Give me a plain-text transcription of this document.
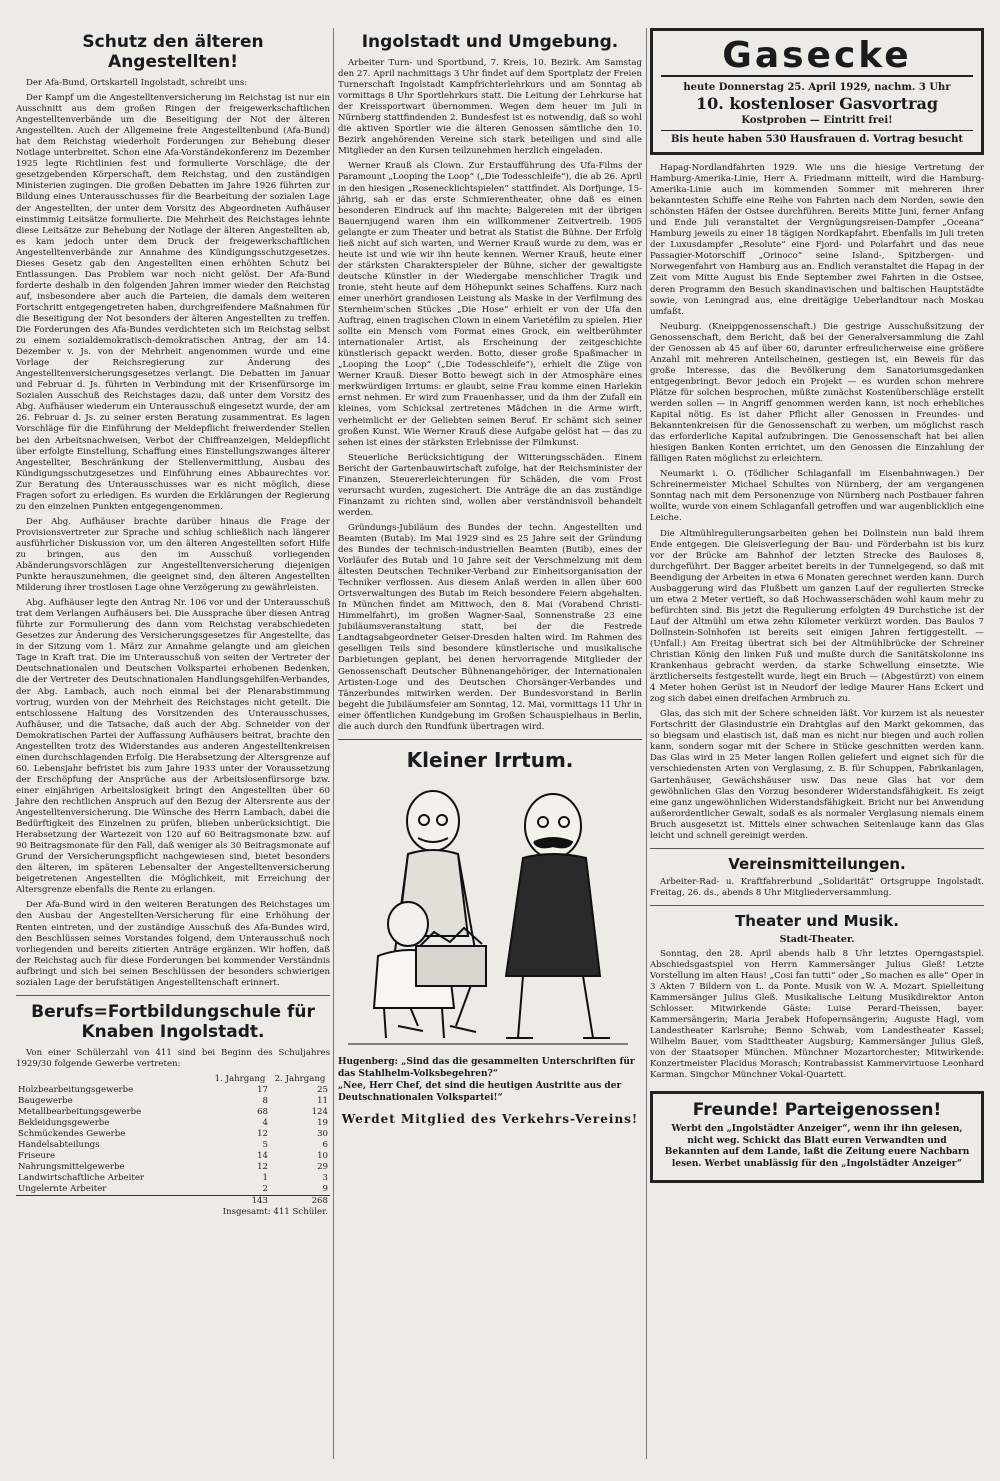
Schutz den älteren Angestellten!

Der Afa-Bund, Ortskartell Ingolstadt, schreibt uns:

Der Kampf um die Angestelltenversicherung im Reichstag ist nur ein Ausschnitt aus dem großen Ringen der freigewerkschaftlichen Angestelltenverbände um die Beseitigung der Not der älteren Angestellten. Auch der Allgemeine freie Angestelltenbund (Afa-Bund) hat dem Reichstag wiederholt Forderungen zur Behebung dieser Notlage unterbreitet. Schon eine Afa-Vorständekonferenz im Dezember 1925 legte Richtlinien fest und formulierte Vorschläge, die der gesetzgebenden Körperschaft, dem Reichstag, und den zuständigen Ministerien zugingen. Die großen Debatten im Jahre 1926 führten zur Bildung eines Unterausschusses für die Bearbeitung der sozialen Lage der Angestellten, der unter dem Vorsitz des Abgeordneten Aufhäuser einstimmig Leitsätze formulierte. Die Mehrheit des Reichstages lehnte diese Leitsätze zur Behebung der Notlage der älteren Angestellten ab, es kam jedoch unter dem Druck der freigewerkschaftlichen Angestelltenverbände zur Annahme des Kündigungsschutzgesetzes. Dieses Gesetz gab den Angestellten einen erhöhten Schutz bei Entlassungen. Das Problem war noch nicht gelöst. Der Afa-Bund forderte deshalb in den folgenden Jahren immer wieder den Reichstag auf, insbesondere aber auch die Parteien, die damals dem weiteren Fortschritt entgegengetreten haben, durchgreifendere Maßnahmen für die Beseitigung der Not besonders der älteren Angestellten zu treffen. Die Forderungen des Afa-Bundes verdichteten sich im Reichstag selbst zu einem sozialdemokratisch-demokratischen Antrag, der am 14. Dezember v. Js. von der Mehrheit angenommen wurde und eine Vorlage der Reichsregierung zur Änderung des Angestelltenversicherungsgesetzes verlangt. Die Debatten im Januar und Februar d. Js. führten in Verbindung mit der Krisenfürsorge im Sozialen Ausschuß des Reichstages dazu, daß unter dem Vorsitz des Abg. Aufhäuser wiederum ein Unterausschuß eingesetzt wurde, der am 26. Februar d. Js. zu seiner ersten Beratung zusammentrat. Es lagen Vorschläge für die Einführung der Meldepflicht freiwerdender Stellen bei den Arbeitsnachweisen, Verbot der Chiffreanzeigen, Meldepflicht über erfolgte Einstellung, Schaffung eines Einstellungszwanges älterer Angestellter, Beschränkung der Stellenvermittlung, Ausbau des Kündigungsschutzgesetzes und Einführung eines Abbaurechtes vor. Zur Beratung des Unterausschusses war es nicht möglich, diese Fragen sofort zu erledigen. Es wurden die Erklärungen der Regierung zu den einzelnen Punkten entgegengenommen.

Der Abg. Aufhäuser brachte darüber hinaus die Frage der Provisionsvertreter zur Sprache und schlug schließlich nach längerer ausführlicher Diskussion vor, um den älteren Angestellten sofort Hilfe zu bringen, aus den im Ausschuß vorliegenden Abänderungsvorschlägen zur Angestelltenversicherung diejenigen Punkte herauszunehmen, die geeignet sind, den älteren Angestellten Milderung ihrer trostlosen Lage ohne Verzögerung zu gewährleisten.

Abg. Aufhäuser legte den Antrag Nr. 106 vor und der Unterausschuß trat dem Verlangen Aufhäusers bei. Die Aussprache über diesen Antrag führte zur Formulierung des dann vom Reichstag verabschiedeten Gesetzes zur Änderung des Versicherungsgesetzes für Angestellte, das in der Sitzung vom 1. März zur Annahme gelangte und am gleichen Tage in Kraft trat. Die im Unterausschuß von seiten der Vertreter der Deutschnationalen und Deutschen Volkspartei erhobenen Bedenken, die der Vertreter des Deutschnationalen Handlungsgehilfen-Verbandes, der Abg. Lambach, auch noch einmal bei der Plenarabstimmung vortrug, wurden von der Mehrheit des Reichstages nicht geteilt. Die entschlossene Haltung des Vorsitzenden des Unterausschusses, Aufhäuser, und die Tatsache, daß auch der Abg. Schneider von der Demokratischen Partei der Auffassung Aufhäusers beitrat, brachte den Angestellten trotz des Widerstandes aus anderen Angestelltenkreisen einen durchschlagenden Erfolg. Die Herabsetzung der Altersgrenze auf 60. Lebensjahr befristet bis zum Jahre 1933 unter der Voraussetzung der Erschöpfung der Ansprüche aus der Arbeitslosenfürsorge bzw. einer einjährigen Arbeitslosigkeit bringt den Angestellten über 60 Jahre den rechtlichen Anspruch auf den Bezug der Altersrente aus der Angestelltenversicherung. Die Wünsche des Herrn Lambach, dabei die Bedürftigkeit des Einzelnen zu prüfen, blieben unberücksichtigt. Die Herabsetzung der Wartezeit von 120 auf 60 Beitragsmonate bzw. auf 90 Beitragsmonate für den Fall, daß weniger als 30 Beitragsmonate auf Grund der Versicherungspflicht nachgewiesen sind, bietet besonders den älteren, im späteren Lebensalter der Angestelltenversicherung beigetretenen Angestellten die Möglichkeit, mit Erreichung der Altersgrenze ebenfalls die Rente zu erlangen.

Der Afa-Bund wird in den weiteren Beratungen des Reichstages um den Ausbau der Angestellten-Versicherung für eine Erhöhung der Renten eintreten, und der zuständige Ausschuß des Afa-Bundes wird, den Beschlüssen seines Vorstandes folgend, dem Unterausschuß noch vorliegenden und bereits zitierten Anträge ergänzen. Wir hoffen, daß der Reichstag auch für diese Forderungen bei kommender Verständnis aufbringt und sich bei seinen Beschlüssen der besonders schwierigen sozialen Lage der berufstätigen Angestelltenschaft erinnert.

Berufs=Fortbildungschule für Knaben Ingolstadt.

Von einer Schülerzahl von 411 sind bei Beginn des Schuljahres 1929/30 folgende Gewerbe vertreten:

	1. Jahrgang	2. Jahrgang
Holzbearbeitungsgewerbe	17	25
Baugewerbe	8	11
Metallbearbeitungsgewerbe	68	124
Bekleidungsgewerbe	4	19
Schmückendes Gewerbe	12	30
Handelsabteilungs	5	6
Friseure	14	10
Nahrungsmittelgewerbe	12	29
Landwirtschaftliche Arbeiter	1	3
Ungelernte Arbeiter	2	9
	143	268
Insgesamt: 411 Schüler.		
Ingolstadt und Umgebung.

Arbeiter Turn- und Sportbund, 7. Kreis, 10. Bezirk. Am Samstag den 27. April nachmittags 3 Uhr findet auf dem Sportplatz der Freien Turnerschaft Ingolstadt Kampfrichterlehrkurs und am Sonntag ab vormittags 8 Uhr Sportlehrkurs statt. Die Leitung der Lehrkurse hat der Kreissportwart übernommen. Wegen dem heuer im Juli in Nürnberg stattfindenden 2. Bundesfest ist es notwendig, daß so wohl die aktiven Sportler wie die älteren Genossen sämtliche den 10. Bezirk angehörenden Vereine sich stark beteiligen und sind alle Mitglieder an den Kursen teilzunehmen herzlich eingeladen.

Werner Krauß als Clown. Zur Erstaufführung des Ufa-Films der Paramount „Looping the Loop“ („Die Todesschleife“), die ab 26. April in den hiesigen „Rosenecklichtspielen“ stattfindet. Als Dorfjunge, 15-jährig, sah er das erste Schmierentheater, ohne daß es einen besonderen Eindruck auf ihn machte; Balgereien mit der übrigen Bauernjugend waren ihm ein willkommener Zeitvertreib. 1905 gelangte er zum Theater und betrat als Statist die Bühne. Der Erfolg ließ nicht auf sich warten, und Werner Krauß wurde zu dem, was er heute ist und wie wir ihn heute kennen. Werner Krauß, heute einer der stärksten Charakterspieler der Bühne, sicher der gewaltigste deutsche Künstler in der Wiedergabe menschlicher Tragik und Ironie, steht heute auf dem Höhepunkt seines Schaffens. Kurz nach einer unerhört grandiosen Leistung als Maske in der Verfilmung des Sternheim'schen Stückes „Die Hose“ erhielt er von der Ufa den Auftrag, einen tragischen Clown in einem Varietéfilm zu spielen. Hier sollte ein Mensch vom Format eines Grock, ein weltberühmter internationaler Artist, als Erscheinung der zeitgeschichte künstlerisch gepackt werden. Botto, dieser große Spaßmacher in „Looping the Loop“ („Die Todesschleife“), erhielt die Züge von Werner Krauß. Dieser Botto bewegt sich in der Atmosphäre eines merkwürdigen Irrtums: er glaubt, seine Frau komme einen Harlekin ernst nehmen. Er wird zum Frauenhasser, und da ihm der Zufall ein kleines, vom Schicksal zertretenes Mädchen in die Arme wirft, verheimlicht er der Geliebten seinen Beruf. Er schämt sich seiner großen Kunst. Wie Werner Krauß diese Aufgabe gelöst hat — das zu sehen ist eines der stärksten Erlebnisse der Filmkunst.

Steuerliche Berücksichtigung der Witterungsschäden. Einem Bericht der Gartenbauwirtschaft zufolge, hat der Reichsminister der Finanzen, Steuererleichterungen für Schäden, die vom Frost verursacht wurden, zugesichert. Die Anträge die an das zuständige Finanzamt zu richten sind, wollen aber verständnisvoll behandelt werden.

Gründungs-Jubiläum des Bundes der techn. Angestellten und Beamten (Butab). Im Mai 1929 sind es 25 Jahre seit der Gründung des Bundes der technisch-industriellen Beamten (Butib), eines der Vorläufer des Butab und 10 Jahre seit der Verschmelzung mit dem ältesten Deutschen Techniker-Verband zur Einheitsorganisation der Techniker verflossen. Aus diesem Anlaß werden in allen über 600 Ortsverwaltungen des Butab im Reich besondere Feiern abgehalten. In München findet am Mittwoch, den 8. Mai (Vorabend Christi-Himmelfahrt), im großen Wagner-Saal, Sonnenstraße 23 eine Jubiläumsveranstaltung statt, bei der die Festrede Landtagsabgeordneter Geiser-Dresden halten wird. Im Rahmen des geselligen Teils sind besondere künstlerische und musikalische Darbietungen geplant, bei denen hervorragende Mitglieder der Genossenschaft Deutscher Bühnenangehöriger, der Internationalen Artisten-Loge und des Deutschen Chorsänger-Verbandes und Tänzerbundes mitwirken werden. Der Bundesvorstand in Berlin begeht die Jubiläumsfeier am Sonntag, 12. Mai, vormittags 11 Uhr in einer öffentlichen Kundgebung im Großen Schauspielhaus in Berlin, die auch durch den Rundfunk übertragen wird.

Kleiner Irrtum.
Hugenberg: „Sind das die gesammelten Unterschriften für das Stahlhelm-Volksbegehren?“
„Nee, Herr Chef, det sind die heutigen Austritte aus der Deutschnationalen Volkspartei!“
Werdet Mitglied des Verkehrs-Vereins!
Gasecke
heute Donnerstag 25. April 1929, nachm. 3 Uhr
10. kostenloser Gasvortrag
Kostproben — Eintritt frei!
Bis heute haben 530 Hausfrauen d. Vortrag besucht

Hapag-Nordlandfahrten 1929. Wie uns die hiesige Vertretung der Hamburg-Amerika-Linie, Herr A. Friedmann mitteilt, wird die Hamburg-Amerika-Linie auch im kommenden Sommer mit mehreren ihrer bekanntesten Schiffe eine Reihe von Fahrten nach dem Norden, sowie den schönsten Häfen der Ostsee durchführen. Bereits Mitte Juni, ferner Anfang und Ende Juli veranstaltet der Vergnügungsreisen-Dampfer „Oceana“ Hamburg jeweils zu einer 18 tägigen Nordkapfahrt. Ebenfalls im Juli treten der Luxusdampfer „Resolute“ eine Fjord- und Polarfahrt und das neue Passagier-Motorschiff „Orinoco“ seine Island-, Spitzbergen- und Norwegenfahrt von Hamburg aus an. Endlich veranstaltet die Hapag in der Zeit vom Mitte August bis Ende September zwei Fahrten in die Ostsee, deren Programm den Besuch skandinavischen und baltischen Hauptstädte sowie, von Leningrad aus, eine dreitägige Ueberlandtour nach Moskau umfaßt.

Neuburg. (Kneippgenossenschaft.) Die gestrige Ausschußsitzung der Genossenschaft, dem Bericht, daß bei der Generalversammlung die Zahl der Genossen ab 45 auf über 60, darunter erfreulicherweise eine größere Anzahl mit mehreren Anteilscheinen, gestiegen ist, ein Beweis für das große Interesse, das die Bevölkerung dem Sanatoriumsgedanken entgegenbringt. Bevor jedoch ein Projekt — es wurden schon mehrere Plätze für solchen besprochen, müßte zunächst Kostenüberschläge erstellt werden sollen — in Angriff genommen werden kann, ist noch erhebliches Kapital nötig. Es ist daher Pflicht aller Genossen in Freundes- und Bekanntenkreisen für die Genossenschaft zu werben, um möglichst rasch das erforderliche Kapital aufzubringen. Die Genossenschaft hat bei allen hiesigen Banken Konten errichtet, um den Genossen die Einzahlung der fälligen Raten möglichst zu erleichtern.

Neumarkt i. O. (Tödlicher Schlaganfall im Eisenbahnwagen.) Der Schreinermeister Michael Schultes von Nürnberg, der am vergangenen Sonntag nach mit dem Personenzuge von Nürnberg nach Postbauer fahren wollte, wurde von einem Schlaganfall getroffen und war augenblicklich eine Leiche.

Die Altmühlregulierungsarbeiten gehen bei Dollnstein nun bald ihrem Ende entgegen. Die Gleisverlegung der Bau- und Förderbahn ist bis kurz vor der Brücke am Bahnhof der letzten Strecke des Bauloses 8, durchgeführt. Der Bagger arbeitet bereits in der Tunnelgegend, so daß mit Beendigung der Arbeiten in etwa 6 Monaten gerechnet werden kann. Durch Ausbaggerung wird das Flußbett um ganzen Lauf der regulierten Strecke um etwa 2 Meter vertieft, so daß Hochwasserschäden wohl kaum mehr zu befürchten sind. Bis jetzt die Regulierung erfolgten 49 Durchstiche ist der Lauf der Altmühl um etwa zehn Kilometer verkürzt worden. Das Baulos 7 Dollnstein-Solnhofen ist bereits seit einigen Jahren fertiggestellt. — (Unfall.) Am Freitag übertrat sich bei der Altmühlbrücke der Schreiner Christian König den linken Fuß und mußte durch die Sanitätskolonne ins Krankenhaus gebracht werden, da starke Schwellung einsetzte. Wie ärztlicherseits festgestellt wurde, liegt ein Bruch — (Abgestürzt) von einem 4 Meter hohen Gerüst ist in Neudorf der ledige Maurer Hans Eckert und zog sich dabei einen dreifachen Armbruch zu.

Glas, das sich mit der Schere schneiden läßt. Vor kurzem ist als neuester Fortschritt der Glasindustrie ein Drahtglas auf den Markt gekommen, das so biegsam und elastisch ist, daß man es nicht nur biegen und auch rollen kann, sondern sogar mit der Schere in Stücke geschnitten werden kann. Das Glas wird in 25 Meter langen Rollen geliefert und eignet sich für die verschiedensten Arten von Verglasung, z. B. für Schuppen, Fabrikanlagen, Gartenhäuser, Gewächshäuser usw. Das neue Glas hat vor dem gewöhnlichen Glas den Vorzug besonderer Widerstandsfähigkeit. Es zeigt eine ganz ungewöhnlichen Widerstandsfähigkeit. Bricht nur bei Anwendung außerordentlicher Gewalt, sodaß es als normaler Verglasung niemals einem Bruch ausgesetzt ist. Mittels einer schwachen Seitenlauge kann das Glas leicht und schnell gereinigt werden.

Vereinsmitteilungen.

Arbeiter-Rad- u. Kraftfahrerbund „Solidarität“ Ortsgruppe Ingolstadt. Freitag, 26. ds., abends 8 Uhr Mitgliederversammlung.

Theater und Musik.
Stadt-Theater.

Sonntag, den 28. April abends halb 8 Uhr letztes Operngastspiel. Abschiedsgastspiel von Herrn Kammersänger Julius Gleß! Letzte Vorstellung im alten Haus! „Cosi fan tutti“ oder „So machen es alle“ Oper in 3 Akten 7 Bildern von L. da Ponte. Musik von W. A. Mozart. Spielleitung Kammersänger Julius Gleß. Musikalische Leitung Musikdirektor Anton Schlosser. Mitwirkende Gäste: Luise Perard-Theissen, bayer. Kammersängerin; Maria Jerabek Hofopernsängerin; Auguste Hagl, vom Landestheater Karlsruhe; Benno Schwab, vom Landestheater Kassel; Wilhelm Bauer, vom Stadttheater Augsburg; Kammersänger Julius Gleß, von der Staatsoper München. Münchner Mozartorchester; Mitwirkende: Konzertmeister Placidus Morasch; Kontrabassist Kammervirtuose Leonhard Karman. Singchor Münchner Vokal-Quartett.

Freunde! Parteigenossen!

Werbt den „Ingolstädter Anzeiger“, wenn ihr ihn gelesen, nicht weg. Schickt das Blatt euren Verwandten und Bekannten auf dem Lande, laßt die Zeitung euere Nachbarn lesen. Werbet unablässig für den „Ingolstädter Anzeiger“
